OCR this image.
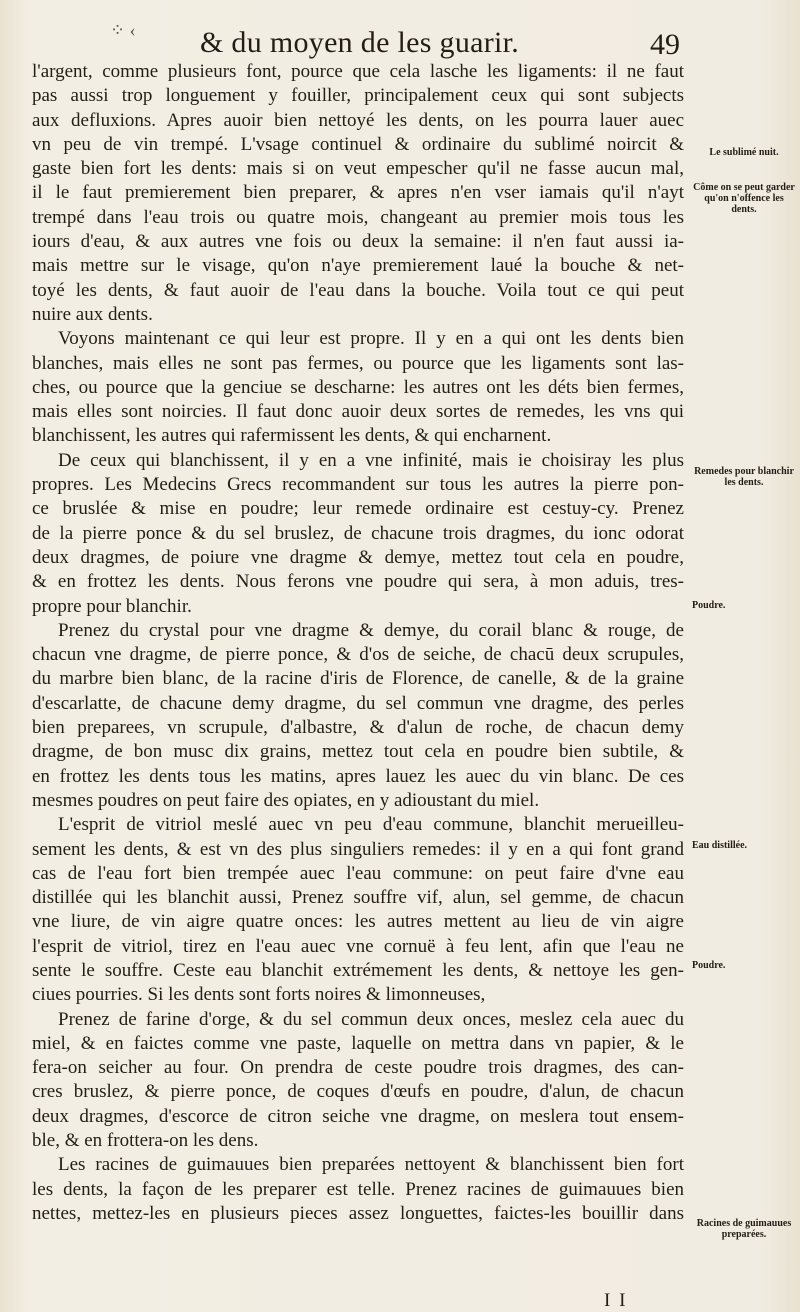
⁘ ‹ & du moyen de les guarir.	49
l'argent, comme plusieurs font, pource que cela lasche les ligaments: il ne faut
pas aussi trop longuement y fouiller, principalement ceux qui sont subjects
aux defluxions. Apres auoir bien nettoyé les dents, on les pourra lauer auec
vn peu de vin trempé. L'vsage continuel & ordinaire du sublimé noircit &
gaste bien fort les dents: mais si on veut empescher qu'il ne fasse aucun mal,
il le faut premierement bien preparer, & apres n'en vser iamais qu'il n'ayt
trempé dans l'eau trois ou quatre mois, changeant au premier mois tous les
iours d'eau, & aux autres vne fois ou deux la semaine: il n'en faut aussi ia-
mais mettre sur le visage, qu'on n'aye premierement laué la bouche & net-
toyé les dents, & faut auoir de l'eau dans la bouche. Voila tout ce qui peut
nuire aux dents.
Voyons maintenant ce qui leur est propre. Il y en a qui ont les dents bien
blanches, mais elles ne sont pas fermes, ou pource que les ligaments sont las-
ches, ou pource que la genciue se descharne: les autres ont les déts bien fermes,
mais elles sont noircies. Il faut donc auoir deux sortes de remedes, les vns qui
blanchissent, les autres qui rafermissent les dents, & qui encharnent.
De ceux qui blanchissent, il y en a vne infinité, mais ie choisiray les plus
propres. Les Medecins Grecs recommandent sur tous les autres la pierre pon-
ce bruslée & mise en poudre; leur remede ordinaire est cestuy-cy. Prenez
de la pierre ponce & du sel bruslez, de chacune trois dragmes, du ionc odorat
deux dragmes, de poiure vne dragme & demye, mettez tout cela en poudre,
& en frottez les dents. Nous ferons vne poudre qui sera, à mon aduis, tres-
propre pour blanchir.
Prenez du crystal pour vne dragme & demye, du corail blanc & rouge, de
chacun vne dragme, de pierre ponce, & d'os de seiche, de chacū deux scrupules,
du marbre bien blanc, de la racine d'iris de Florence, de canelle, & de la graine
d'escarlatte, de chacune demy dragme, du sel commun vne dragme, des perles
bien preparees, vn scrupule, d'albastre, & d'alun de roche, de chacun demy
dragme, de bon musc dix grains, mettez tout cela en poudre bien subtile, &
en frottez les dents tous les matins, apres lauez les auec du vin blanc. De ces
mesmes poudres on peut faire des opiates, en y adioustant du miel.
L'esprit de vitriol meslé auec vn peu d'eau commune, blanchit merueilleu-
sement les dents, & est vn des plus singuliers remedes: il y en a qui font grand
cas de l'eau fort bien trempée auec l'eau commune: on peut faire d'vne eau
distillée qui les blanchit aussi, Prenez souffre vif, alun, sel gemme, de chacun
vne liure, de vin aigre quatre onces: les autres mettent au lieu de vin aigre
l'esprit de vitriol, tirez en l'eau auec vne cornuë à feu lent, afin que l'eau ne
sente le souffre. Ceste eau blanchit extrémement les dents, & nettoye les gen-
ciues pourries. Si les dents sont forts noires & limonneuses,
Prenez de farine d'orge, & du sel commun deux onces, meslez cela auec du
miel, & en faictes comme vne paste, laquelle on mettra dans vn papier, & le
fera-on seicher au four. On prendra de ceste poudre trois dragmes, des can-
cres bruslez, & pierre ponce, de coques d'œufs en poudre, d'alun, de chacun
deux dragmes, d'escorce de citron seiche vne dragme, on meslera tout ensem-
ble, & en frottera-on les dens.
Les racines de guimauues bien preparées nettoyent & blanchissent bien fort
les dents, la façon de les preparer est telle. Prenez racines de guimauues bien
nettes, mettez-les en plusieurs pieces assez longuettes, faictes-les bouillir dans
I I
Le sublimé nuit.
Côme on se peut garder qu'on n'offence les dents.
Remedes pour blanchir les dents.
Poudre.
Eau distillée.
Poudre.
Racines de guimauues preparées.
